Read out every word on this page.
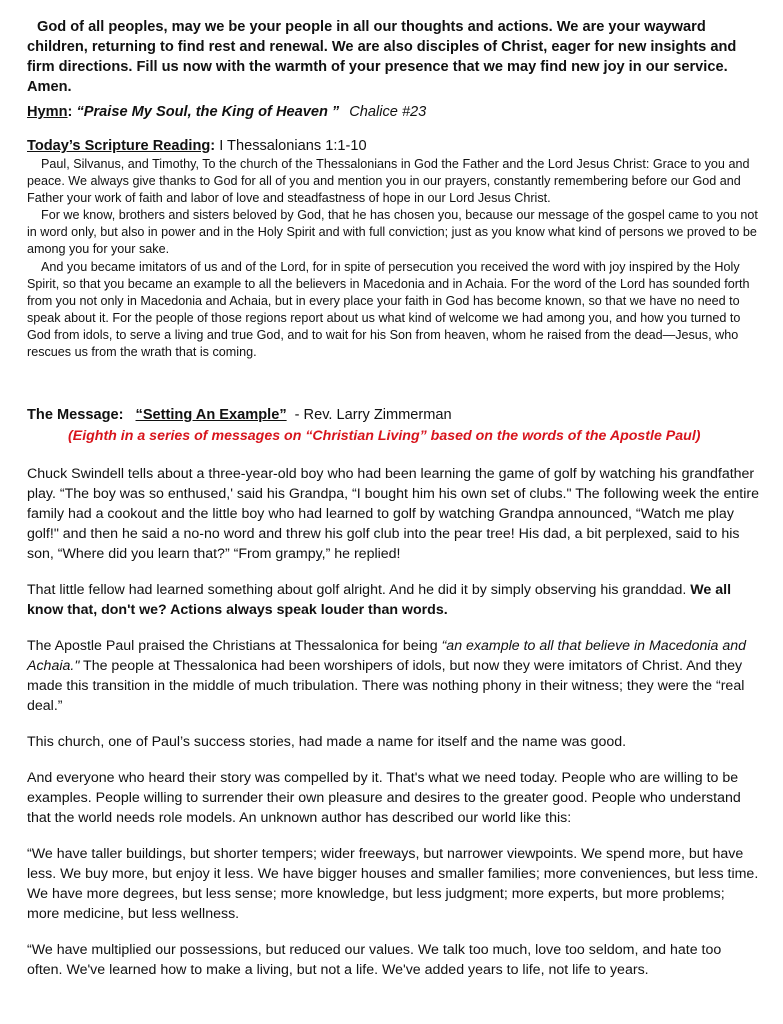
God of all peoples, may we be your people in all our thoughts and actions. We are your wayward children, returning to find rest and renewal. We are also disciples of Christ, eager for new insights and firm directions. Fill us now with the warmth of your presence that we may find new joy in our service. Amen.
Hymn: “Praise My Soul, the King of Heaven ” Chalice #23
Today’s Scripture Reading: I Thessalonians 1:1-10

Paul, Silvanus, and Timothy, To the church of the Thessalonians in God the Father and the Lord Jesus Christ: Grace to you and peace. We always give thanks to God for all of you and mention you in our prayers, constantly remembering before our God and Father your work of faith and labor of love and steadfastness of hope in our Lord Jesus Christ.

For we know, brothers and sisters beloved by God, that he has chosen you, because our message of the gospel came to you not in word only, but also in power and in the Holy Spirit and with full conviction; just as you know what kind of persons we proved to be among you for your sake.

And you became imitators of us and of the Lord, for in spite of persecution you received the word with joy inspired by the Holy Spirit, so that you became an example to all the believers in Macedonia and in Achaia. For the word of the Lord has sounded forth from you not only in Macedonia and Achaia, but in every place your faith in God has become known, so that we have no need to speak about it. For the people of those regions report about us what kind of welcome we had among you, and how you turned to God from idols, to serve a living and true God, and to wait for his Son from heaven, whom he raised from the dead—Jesus, who rescues us from the wrath that is coming.

The Message: “Setting An Example” - Rev. Larry Zimmerman
(Eighth in a series of messages on “Christian Living” based on the words of the Apostle Paul)

Chuck Swindell tells about a three-year-old boy who had been learning the game of golf by watching his grandfather play. “The boy was so enthused,' said his Grandpa, “I bought him his own set of clubs." The following week the entire family had a cookout and the little boy who had learned to golf by watching Grandpa announced, “Watch me play golf!" and then he said a no-no word and threw his golf club into the pear tree! His dad, a bit perplexed, said to his son, “Where did you learn that?” “From grampy,” he replied!

That little fellow had learned something about golf alright. And he did it by simply observing his granddad. We all know that, don't we? Actions always speak louder than words.

The Apostle Paul praised the Christians at Thessalonica for being “an example to all that believe in Macedonia and Achaia." The people at Thessalonica had been worshipers of idols, but now they were imitators of Christ. And they made this transition in the middle of much tribulation. There was nothing phony in their witness; they were the “real deal.”

This church, one of Paul’s success stories, had made a name for itself and the name was good.

And everyone who heard their story was compelled by it. That's what we need today. People who are willing to be examples. People willing to surrender their own pleasure and desires to the greater good. People who understand that the world needs role models. An unknown author has described our world like this:

“We have taller buildings, but shorter tempers; wider freeways, but narrower viewpoints. We spend more, but have less. We buy more, but enjoy it less. We have bigger houses and smaller families; more conveniences, but less time. We have more degrees, but less sense; more knowledge, but less judgment; more experts, but more problems; more medicine, but less wellness.

“We have multiplied our possessions, but reduced our values. We talk too much, love too seldom, and hate too often. We've learned how to make a living, but not a life. We've added years to life, not life to years.
